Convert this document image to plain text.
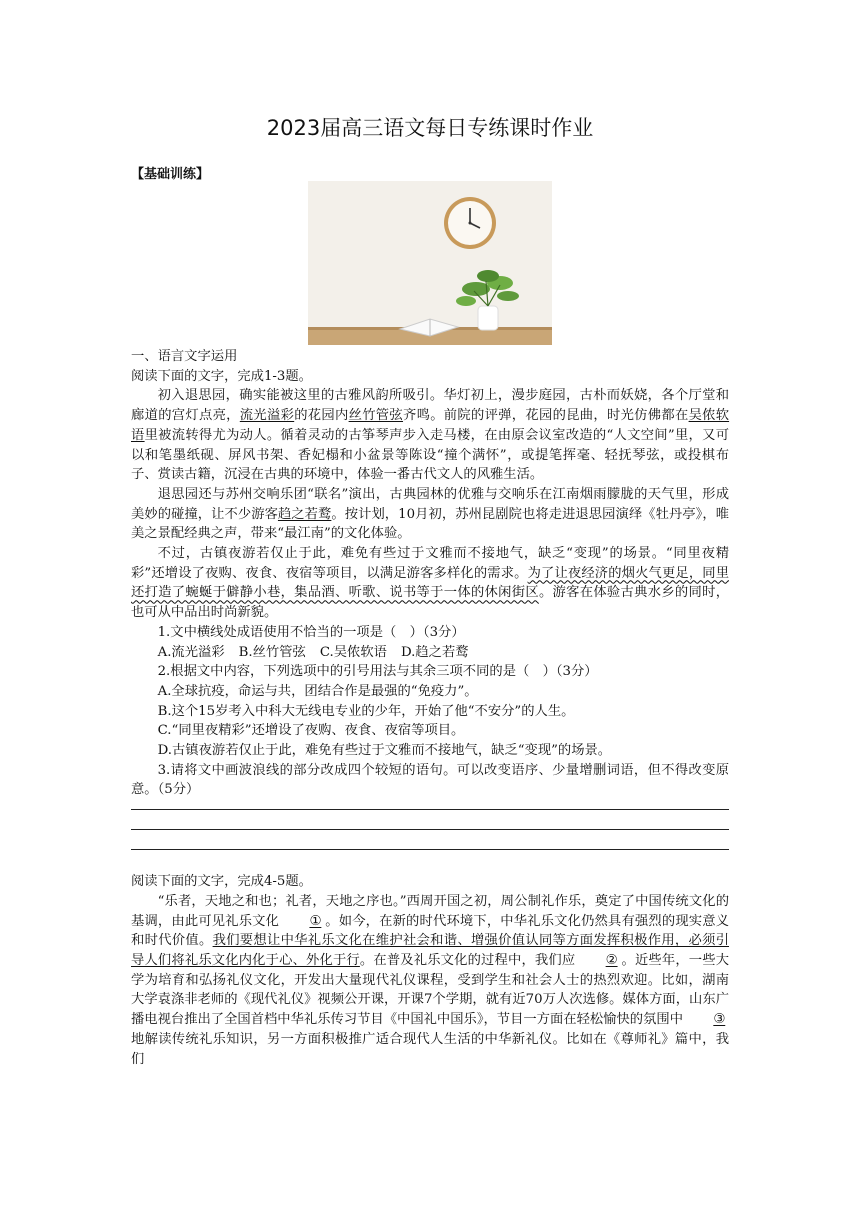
2023届高三语文每日专练课时作业
【基础训练】

一、语言文字运用

阅读下面的文字，完成1-3题。

初入退思园，确实能被这里的古雅风韵所吸引。华灯初上，漫步庭园，古朴而妖娆，各个厅堂和廊道的宫灯点亮，流光溢彩的花园内丝竹管弦齐鸣。前院的评弹，花园的昆曲，时光仿佛都在吴侬软语里被流转得尤为动人。循着灵动的古筝琴声步入走马楼，在由原会议室改造的“人文空间”里，又可以和笔墨纸砚、屏风书架、香妃榻和小盆景等陈设“撞个满怀”，或提笔挥毫、轻抚琴弦，或投棋布子、赏读古籍，沉浸在古典的环境中，体验一番古代文人的风雅生活。

退思园还与苏州交响乐团“联名”演出，古典园林的优雅与交响乐在江南烟雨朦胧的天气里，形成美妙的碰撞，让不少游客趋之若鹜。按计划，10月初，苏州昆剧院也将走进退思园演绎《牡丹亭》，唯美之景配经典之声，带来“最江南”的文化体验。

不过，古镇夜游若仅止于此，难免有些过于文雅而不接地气，缺乏“变现”的场景。“同里夜精彩”还增设了夜购、夜食、夜宿等项目，以满足游客多样化的需求。为了让夜经济的烟火气更足，同里还打造了蜿蜒于僻静小巷，集品酒、听歌、说书等于一体的休闲街区。游客在体验古典水乡的同时，也可从中品出时尚新貌。

1.文中横线处成语使用不恰当的一项是（　）（3分）

A.流光溢彩 B.丝竹管弦 C.吴侬软语 D.趋之若鹜

2.根据文中内容，下列选项中的引号用法与其余三项不同的是（　）（3分）

A.全球抗疫，命运与共，团结合作是最强的“免疫力”。

B.这个15岁考入中科大无线电专业的少年，开始了他“不安分”的人生。

C.“同里夜精彩”还增设了夜购、夜食、夜宿等项目。

D.古镇夜游若仅止于此，难免有些过于文雅而不接地气，缺乏“变现”的场景。

3.请将文中画波浪线的部分改成四个较短的语句。可以改变语序、少量增删词语，但不得改变原意。（5分）

阅读下面的文字，完成4-5题。

“乐者，天地之和也；礼者，天地之序也。”西周开国之初，周公制礼作乐，奠定了中国传统文化的基调，由此可见礼乐文化 ① 。如今，在新的时代环境下，中华礼乐文化仍然具有强烈的现实意义和时代价值。我们要想让中华礼乐文化在维护社会和谐、增强价值认同等方面发挥积极作用，必须引导人们将礼乐文化内化于心、外化于行。在普及礼乐文化的过程中，我们应 ② 。近些年，一些大学为培育和弘扬礼仪文化，开发出大量现代礼仪课程，受到学生和社会人士的热烈欢迎。比如，湖南大学袁涤非老师的《现代礼仪》视频公开课，开课7个学期，就有近70万人次选修。媒体方面，山东广播电视台推出了全国首档中华礼乐传习节目《中国礼中国乐》，节目一方面在轻松愉快的氛围中 ③地解读传统礼乐知识，另一方面积极推广适合现代人生活的中华新礼仪。比如在《尊师礼》篇中，我们
